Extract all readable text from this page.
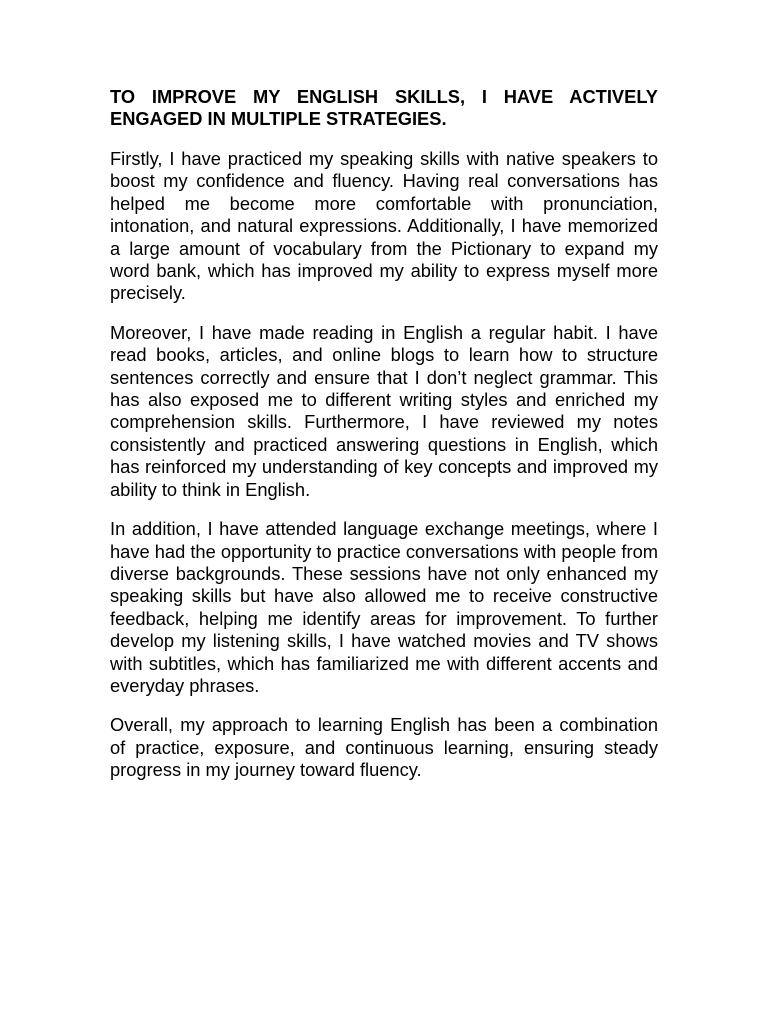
TO IMPROVE MY ENGLISH SKILLS, I HAVE ACTIVELY ENGAGED IN MULTIPLE STRATEGIES.

Firstly, I have practiced my speaking skills with native speakers to boost my confidence and fluency. Having real conversations has helped me become more comfortable with pronunciation, intonation, and natural expressions. Additionally, I have memorized a large amount of vocabulary from the Pictionary to expand my word bank, which has improved my ability to express myself more precisely.

Moreover, I have made reading in English a regular habit. I have read books, articles, and online blogs to learn how to structure sentences correctly and ensure that I don’t neglect grammar. This has also exposed me to different writing styles and enriched my comprehension skills. Furthermore, I have reviewed my notes consistently and practiced answering questions in English, which has reinforced my understanding of key concepts and improved my ability to think in English.

In addition, I have attended language exchange meetings, where I have had the opportunity to practice conversations with people from diverse backgrounds. These sessions have not only enhanced my speaking skills but have also allowed me to receive constructive feedback, helping me identify areas for improvement. To further develop my listening skills, I have watched movies and TV shows with subtitles, which has familiarized me with different accents and everyday phrases.

Overall, my approach to learning English has been a combination of practice, exposure, and continuous learning, ensuring steady progress in my journey toward fluency.
